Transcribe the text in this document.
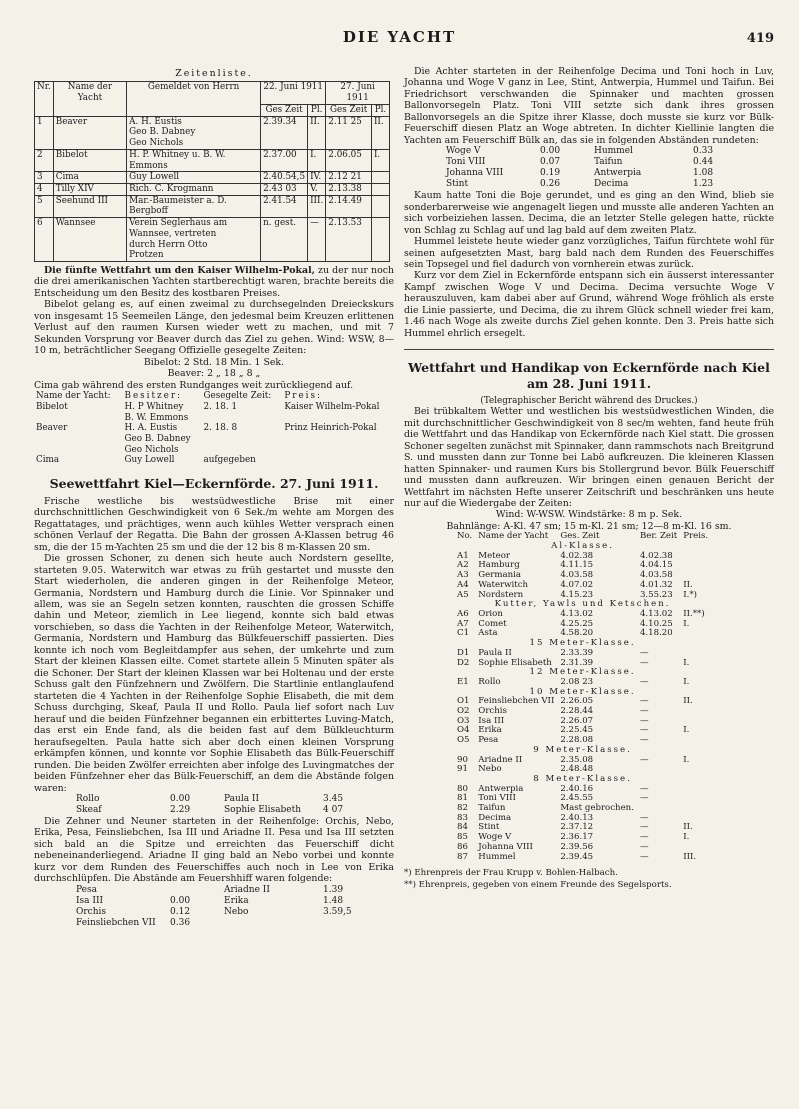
DIE YACHT	419
Zeitenliste.
Nr.	Name der Yacht	Gemeldet von Herrn	22. Juni 1911		27. Juni 1911	
			Ges Zeit	Pl.	Ges Zeit	Pl.
1	Beaver	A. H. Eustis
Geo B. Dabney
Geo Nichols	2.39.34	II.	2.11 25	II.
2	Bibelot	H. P. Whitney u. B. W. Emmons	2.37.00	I.	2.06.05	I.
3	Cima	Guy Lowell	2.40.54,5	IV.	2.12 21	
4	Tilly XIV	Rich. C. Krogmann	2.43 03	V.	2.13.38	
5	Seehund III	Mar.-Baumeister a. D.
Bergboff	2.41.54	III.	2.14.49	
6	Wannsee	Verein Seglerhaus am
Wannsee, vertreten
durch Herrn Otto
Protzen	n. gest.	—	2.13.53	

Die fünfte Wettfahrt um den Kaiser Wilhelm-Pokal, zu der nur noch die drei amerikanischen Yachten startberechtigt waren, brachte bereits die Entscheidung um den Besitz des kostbaren Preises.

Bibelot gelang es, auf einen zweimal zu durchsegelnden Dreieckskurs von insgesamt 15 Seemeilen Länge, den jedesmal beim Kreuzen erlittenen Verlust auf den raumen Kursen wieder wett zu machen, und mit 7 Sekunden Vorsprung vor Beaver durch das Ziel zu gehen. Wind: WSW, 8—10 m, beträchtlicher Seegang Offizielle gesegelte Zeiten:

Bibelot: 2 Std. 18 Min. 1 Sek.
Beaver: 2 „ 18 „ 8 „

Cima gab während des ersten Rundganges weit zurückliegend auf.

Name der Yacht:	Besitzer:	Gesegelte Zeit:	Preis:
Bibelot	H. P Whitney
B. W. Emmons	2. 18. 1	Kaiser Wilhelm-Pokal
Beaver	H. A. Eustis
Geo B. Dabney
Geo Nichols	2. 18. 8	Prinz Heinrich-Pokal
Cima	Guy Lowell	aufgegeben	
Seewettfahrt Kiel—Eckernförde. 27. Juni 1911.

Frische westliche bis westsüdwestliche Brise mit einer durchschnittlichen Geschwindigkeit von 6 Sek./m wehte am Morgen des Regattatages, und prächtiges, wenn auch kühles Wetter versprach einen schönen Verlauf der Regatta. Die Bahn der grossen A-Klassen betrug 46 sm, die der 15 m-Yachten 25 sm und die der 12 bis 8 m-Klassen 20 sm.

Die grossen Schoner, zu denen sich heute auch Nordstern gesellte, starteten 9.05. Waterwitch war etwas zu früh gestartet und musste den Start wiederholen, die anderen gingen in der Reihenfolge Meteor, Germania, Nordstern und Hamburg durch die Linie. Vor Spinnaker und allem, was sie an Segeln setzen konnten, rauschten die grossen Schiffe dahin und Meteor, ziemlich in Lee liegend, konnte sich bald etwas vorschieben, so dass die Yachten in der Reihenfolge Meteor, Waterwitch, Germania, Nordstern und Hamburg das Bülkfeuerschiff passierten. Dies konnte ich noch vom Begleitdampfer aus sehen, der umkehrte und zum Start der kleinen Klassen eilte. Comet startete allein 5 Minuten später als die Schoner. Der Start der kleinen Klassen war bei Holtenau und der erste Schuss galt den Fünfzehnern und Zwölfern. Die Startlinie entlanglaufend starteten die 4 Yachten in der Reihenfolge Sophie Elisabeth, die mit dem Schuss durchging, Skeaf, Paula II und Rollo. Paula lief sofort nach Luv herauf und die beiden Fünfzehner begannen ein erbittertes Luving-Match, das erst ein Ende fand, als die beiden fast auf dem Bülkleuchturm heraufsegelten. Paula hatte sich aber doch einen kleinen Vorsprung erkämpfen können, und konnte vor Sophie Elisabeth das Bülk-Feuerschiff runden. Die beiden Zwölfer erreichten aber infolge des Luvingmatches der beiden Fünfzehner eher das Bülk-Feuerschiff, an dem die Abstände folgen waren:

Rollo	0.00	Paula II	3.45
Skeaf	2.29	Sophie Elisabeth	4 07

Die Zehner und Neuner starteten in der Reihenfolge: Orchis, Nebo, Erika, Pesa, Feinsliebchen, Isa III und Ariadne II. Pesa und Isa III setzten sich bald an die Spitze und erreichten das Feuerschiff dicht nebeneinanderliegend. Ariadne II ging bald an Nebo vorbei und konnte kurz vor dem Runden des Feuerschiffes auch noch in Lee von Erika durchschlüpfen. Die Abstände am Feuershhiff waren folgende:

Pesa		Ariadne II	1.39
Isa III	0.00	Erika	1.48
Orchis	0.12	Nebo	3.59,5
Feinsliebchen VII	0.36		

Die Achter starteten in der Reihenfolge Decima und Toni hoch in Luv, Johanna und Woge V ganz in Lee, Stint, Antwerpia, Hummel und Taifun. Bei Friedrichsort verschwanden die Spinnaker und machten grossen Ballonvorsegeln Platz. Toni VIII setzte sich dank ihres grossen Ballonvorsegels an die Spitze ihrer Klasse, doch musste sie kurz vor Bülk-Feuerschiff diesen Platz an Woge abtreten. In dichter Kiellinie langten die Yachten am Feuerschiff Bülk an, das sie in folgenden Abständen rundeten:

Woge V	0.00	Hummel	0.33
Toni VIII	0.07	Taifun	0.44
Johanna VIII	0.19	Antwerpia	1.08
Stint	0.26	Decima	1.23

Kaum hatte Toni die Boje gerundet, und es ging an den Wind, blieb sie sonderbarerweise wie angenagelt liegen und musste alle anderen Yachten an sich vorbeiziehen lassen. Decima, die an letzter Stelle gelegen hatte, rückte von Schlag zu Schlag auf und lag bald auf dem zweiten Platz.

Hummel leistete heute wieder ganz vorzügliches, Taifun fürchtete wohl für seinen aufgesetzten Mast, barg bald nach dem Runden des Feuerschiffes sein Topsegel und fiel dadurch von vornherein etwas zurück.

Kurz vor dem Ziel in Eckernförde entspann sich ein äusserst interessanter Kampf zwischen Woge V und Decima. Decima versuchte Woge V herauszuluven, kam dabei aber auf Grund, während Woge fröhlich als erste die Linie passierte, und Decima, die zu ihrem Glück schnell wieder frei kam, 1.46 nach Woge als zweite durchs Ziel gehen konnte. Den 3. Preis hatte sich Hummel ehrlich ersegelt.

Wettfahrt und Handikap von Eckernförde nach Kiel am 28. Juni 1911.
(Telegraphischer Bericht während des Druckes.)

Bei trübkaltem Wetter und westlichen bis westsüdwestlichen Winden, die mit durchschnittlicher Geschwindigkeit von 8 sec/m wehten, fand heute früh die Wettfahrt und das Handikap von Eckernförde nach Kiel statt. Die grossen Schoner segelten zunächst mit Spinnaker, dann rammschots nach Breitgrund S. und mussten dann zur Tonne bei Labö aufkreuzen. Die kleineren Klassen hatten Spinnaker- und raumen Kurs bis Stollergrund bevor. Bülk Feuerschiff und mussten dann aufkreuzen. Wir bringen einen genauen Bericht der Wettfahrt im nächsten Hefte unserer Zeitschrift und beschränken uns heute nur auf die Wiedergabe der Zeiten:

Wind: W-WSW. Windstärke: 8 m p. Sek.
Bahnlänge: A-Kl. 47 sm; 15 m-Kl. 21 sm; 12—8 m-Kl. 16 sm.
No.	Name der Yacht	Ges. Zeit	Ber. Zeit	Preis.
Al-Klasse.				
A1	Meteor	4.02.38	4.02.38	
A2	Hamburg	4.11.15	4.04.15	
A3	Germania	4.03.58	4.03.58	
A4	Waterwitch	4.07.02	4.01.32	II.
A5	Nordstern	4.15.23	3.55.23	I.*)
Kutter, Yawls und Ketschen.				
A6	Orion	4.13.02	4.13.02	II.**)
A7	Comet	4.25.25	4.10.25	I.
C1	Asta	4.58.20	4.18.20	
15 Meter-Klasse.				
D1	Paula II	2.33.39	—	
D2	Sophie Elisabeth	2.31.39	—	I.
12 Meter-Klasse.				
E1	Rollo	2.08 23	—	I.
10 Meter-Klasse.				
O1	Feinsliebchen VII	2.26.05	—	II.
O2	Orchis	2.28.44	—	
O3	Isa III	2.26.07	—	
O4	Erika	2.25.45	—	I.
O5	Pesa	2.28.08	—	
9 Meter-Klasse.				
90	Ariadne II	2.35.08	—	I.
91	Nebo	2.48.48		
8 Meter-Klasse.				
80	Antwerpia	2.40.16	—	
81	Toni VIII	2.45.55	—	
82	Taifun	Mast gebrochen.		
83	Decima	2.40.13	—	
84	Stint	2.37.12	—	II.
85	Woge V	2.36.17	—	I.
86	Johanna VIII	2.39.56	—	
87	Hummel	2.39.45	—	III.
*) Ehrenpreis der Frau Krupp v. Bohlen-Halbach.
**) Ehrenpreis, gegeben von einem Freunde des Segelsports.
